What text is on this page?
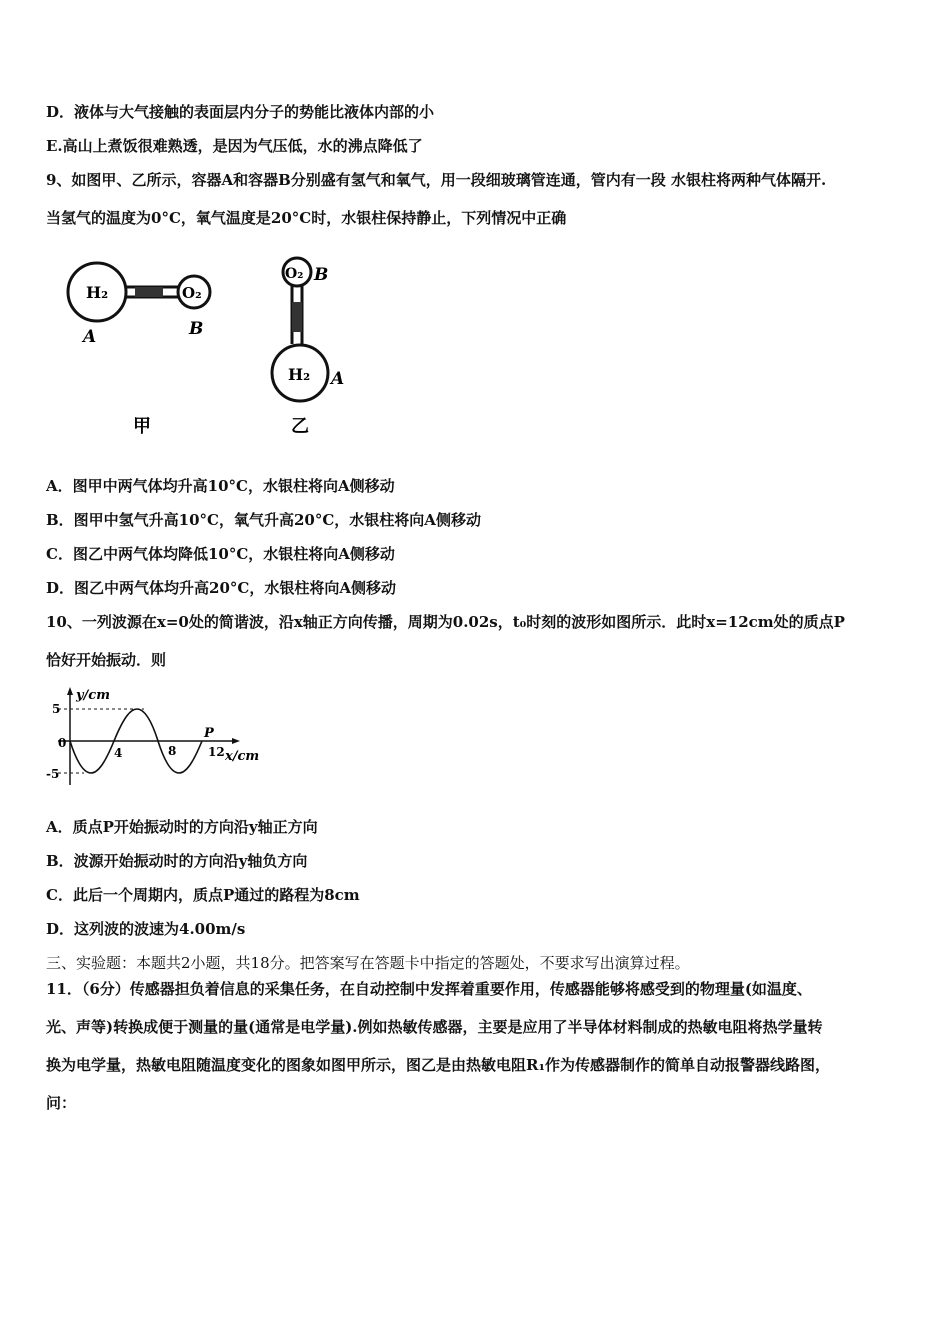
D．液体与大气接触的表面层内分子的势能比液体内部的小
E.高山上煮饭很难熟透，是因为气压低，水的沸点降低了
9、如图甲、乙所示，容器A和容器B分别盛有氢气和氧气，用一段细玻璃管连通，管内有一段 水银柱将两种气体隔开.
当氢气的温度为0°C，氧气温度是20°C时，水银柱保持静止，下列情况中正确
H₂	O₂
A	B
甲
O₂ B
H₂ A
乙
A．图甲中两气体均升高10°C，水银柱将向A侧移动
B．图甲中氢气升高10°C，氧气升高20°C，水银柱将向A侧移动
C．图乙中两气体均降低10°C，水银柱将向A侧移动
D．图乙中两气体均升高20°C，水银柱将向A侧移动
10、一列波源在x=0处的简谐波，沿x轴正方向传播，周期为0.02s，t₀时刻的波形如图所示．此时x=12cm处的质点P
恰好开始振动．则
y/cm
5
0
-5
4	8
P
12 x/cm
A．质点P开始振动时的方向沿y轴正方向
B．波源开始振动时的方向沿y轴负方向
C．此后一个周期内，质点P通过的路程为8cm
D．这列波的波速为4.00m/s
三、实验题：本题共2小题，共18分。把答案写在答题卡中指定的答题处，不要求写出演算过程。
11．（6分）传感器担负着信息的采集任务，在自动控制中发挥着重要作用，传感器能够将感受到的物理量(如温度、
光、声等)转换成便于测量的量(通常是电学量).例如热敏传感器，主要是应用了半导体材料制成的热敏电阻将热学量转
换为电学量，热敏电阻随温度变化的图象如图甲所示，图乙是由热敏电阻R₁作为传感器制作的简单自动报警器线路图，
问：
